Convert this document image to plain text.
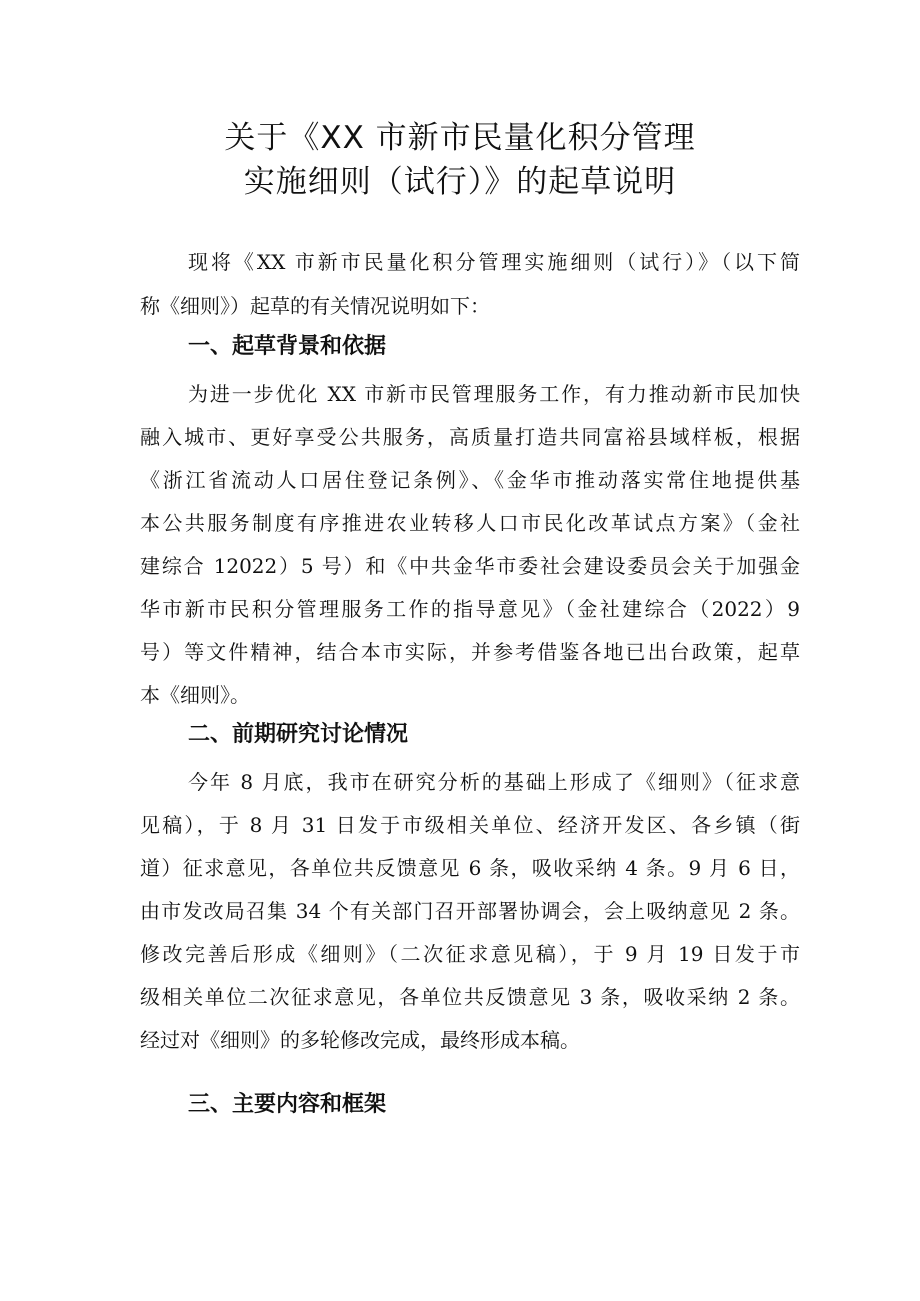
关于《XX 市新市民量化积分管理
实施细则（试行）》的起草说明
现将《XX 市新市民量化积分管理实施细则（试行）》（以下简
称《细则》）起草的有关情况说明如下：
一、起草背景和依据
为进一步优化 XX 市新市民管理服务工作，有力推动新市民加快
融入城市、更好享受公共服务，高质量打造共同富裕县域样板，根据
《浙江省流动人口居住登记条例》、《金华市推动落实常住地提供基
本公共服务制度有序推进农业转移人口市民化改革试点方案》（金社
建综合 12022）5 号）和《中共金华市委社会建设委员会关于加强金
华市新市民积分管理服务工作的指导意见》（金社建综合（2022）9
号）等文件精神，结合本市实际，并参考借鉴各地已出台政策，起草
本《细则》。
二、前期研究讨论情况
今年 8 月底，我市在研究分析的基础上形成了《细则》（征求意
见稿），于 8 月 31 日发于市级相关单位、经济开发区、各乡镇（街
道）征求意见，各单位共反馈意见 6 条，吸收采纳 4 条。9 月 6 日，
由市发改局召集 34 个有关部门召开部署协调会，会上吸纳意见 2 条。
修改完善后形成《细则》（二次征求意见稿），于 9 月 19 日发于市
级相关单位二次征求意见，各单位共反馈意见 3 条，吸收采纳 2 条。
经过对《细则》的多轮修改完成，最终形成本稿。
三、主要内容和框架
